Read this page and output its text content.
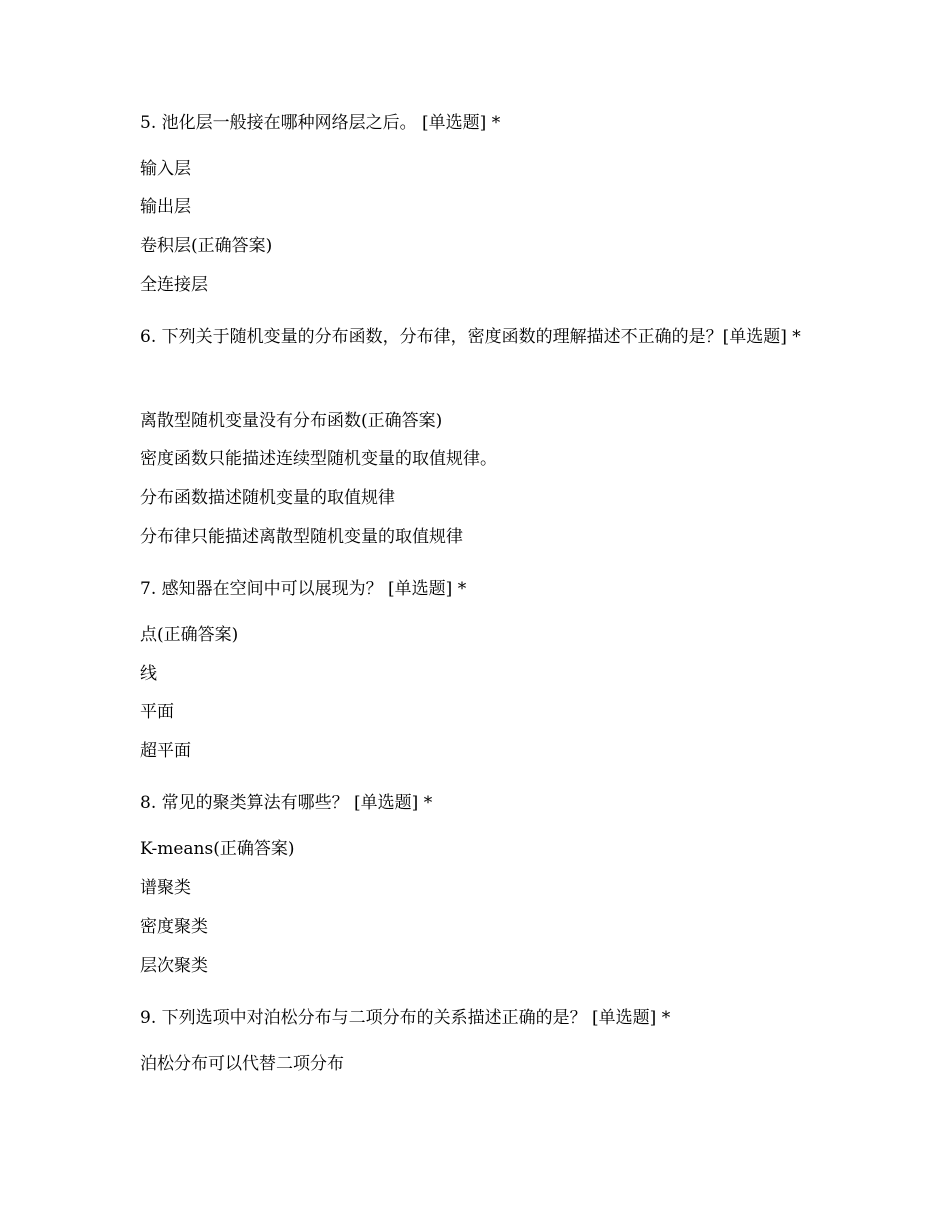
5. 池化层一般接在哪种网络层之后。 [单选题] *
输入层
输出层
卷积层(正确答案)
全连接层
6. 下列关于随机变量的分布函数，分布律，密度函数的理解描述不正确的是？[单选题] *
离散型随机变量没有分布函数(正确答案)
密度函数只能描述连续型随机变量的取值规律。
分布函数描述随机变量的取值规律
分布律只能描述离散型随机变量的取值规律
7. 感知器在空间中可以展现为？ [单选题] *
点(正确答案)
线
平面
超平面
8. 常见的聚类算法有哪些？ [单选题] *
K-means(正确答案)
谱聚类
密度聚类
层次聚类
9. 下列选项中对泊松分布与二项分布的关系描述正确的是？ [单选题] *
泊松分布可以代替二项分布
